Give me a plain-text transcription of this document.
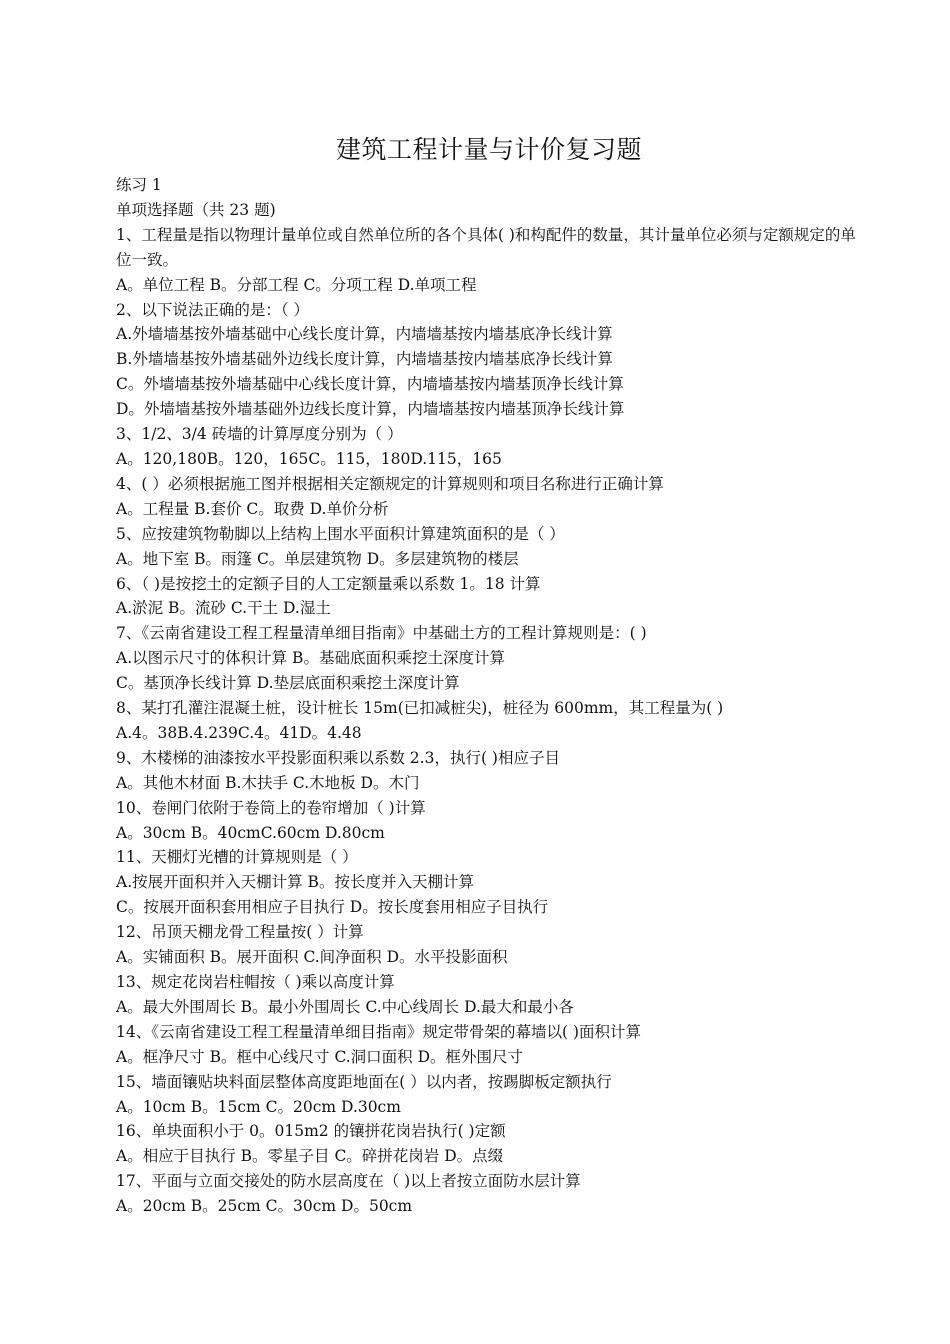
建筑工程计量与计价复习题
练习 1
单项选择题（共 23 题)
1、工程量是指以物理计量单位或自然单位所的各个具体( )和构配件的数量，其计量单位必须与定额规定的单位一致。
A。单位工程 B。分部工程 C。分项工程 D.单项工程
2、以下说法正确的是：（ ）
A.外墙墙基按外墙基础中心线长度计算，内墙墙基按内墙基底净长线计算
B.外墙墙基按外墙基础外边线长度计算，内墙墙基按内墙基底净长线计算
C。外墙墙基按外墙基础中心线长度计算，内墙墙基按内墙基顶净长线计算
D。外墙墙基按外墙基础外边线长度计算，内墙墙基按内墙基顶净长线计算
3、1/2、3/4 砖墙的计算厚度分别为（ ）
A。120,180B。120，165C。115，180D.115，165
4、( ）必须根据施工图并根据相关定额规定的计算规则和项目名称进行正确计算
A。工程量 B.套价 C。取费 D.单价分析
5、应按建筑物勒脚以上结构上围水平面积计算建筑面积的是（ ）
A。地下室 B。雨篷 C。单层建筑物 D。多层建筑物的楼层
6、（ )是按挖土的定额子目的人工定额量乘以系数 1。18 计算
A.淤泥 B。流砂 C.干土 D.湿土
7、《云南省建设工程工程量清单细目指南》中基础土方的工程计算规则是：( )
A.以图示尺寸的体积计算 B。基础底面积乘挖土深度计算
C。基顶净长线计算 D.垫层底面积乘挖土深度计算
8、某打孔灌注混凝土桩，设计桩长 15m(已扣减桩尖)，桩径为 600mm，其工程量为( )
A.4。38B.4.239C.4。41D。4.48
9、木楼梯的油漆按水平投影面积乘以系数 2.3，执行( )相应子目
A。其他木材面 B.木扶手 C.木地板 D。木门
10、卷闸门依附于卷筒上的卷帘增加（ )计算
A。30cm B。40cmC.60cm D.80cm
11、天棚灯光槽的计算规则是（ ）
A.按展开面积并入天棚计算 B。按长度并入天棚计算
C。按展开面积套用相应子目执行 D。按长度套用相应子目执行
12、吊顶天棚龙骨工程量按( ）计算
A。实铺面积 B。展开面积 C.间净面积 D。水平投影面积
13、规定花岗岩柱帽按（ )乘以高度计算
A。最大外围周长 B。最小外围周长 C.中心线周长 D.最大和最小各
14、《云南省建设工程工程量清单细目指南》规定带骨架的幕墙以( )面积计算
A。框净尺寸 B。框中心线尺寸 C.洞口面积 D。框外围尺寸
15、墙面镶贴块料面层整体高度距地面在( ）以内者，按踢脚板定额执行
A。10cm B。15cm C。20cm D.30cm
16、单块面积小于 0。015m2 的镶拼花岗岩执行( )定额
A。相应于目执行 B。零星子目 C。碎拼花岗岩 D。点缀
17、平面与立面交接处的防水层高度在（ )以上者按立面防水层计算
A。20cm B。25cm C。30cm D。50cm
